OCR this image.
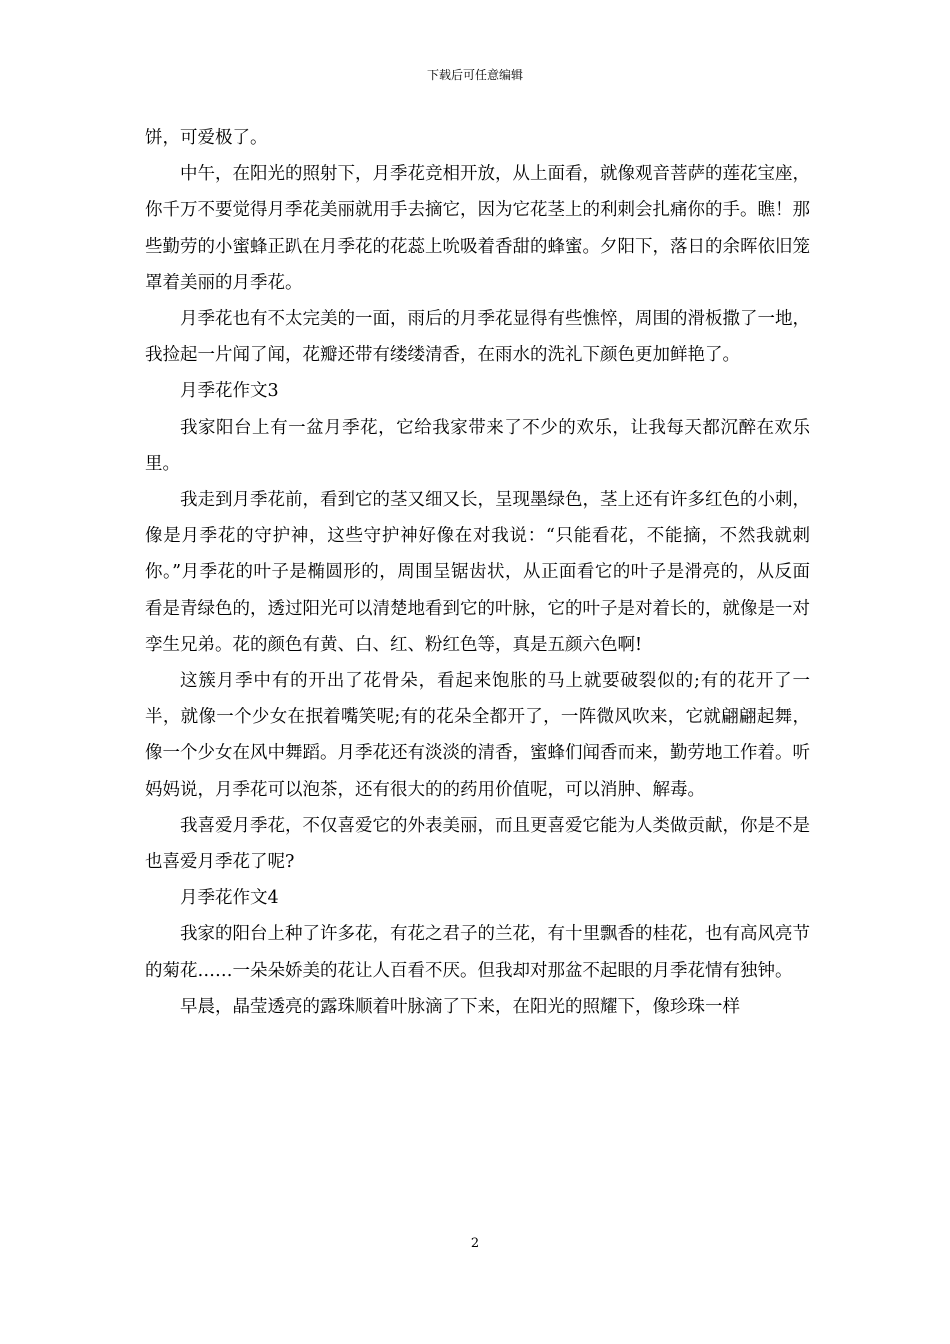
下载后可任意编辑

饼，可爱极了。

中午，在阳光的照射下，月季花竞相开放，从上面看，就像观音菩萨的莲花宝座，你千万不要觉得月季花美丽就用手去摘它，因为它花茎上的利刺会扎痛你的手。瞧！那些勤劳的小蜜蜂正趴在月季花的花蕊上吮吸着香甜的蜂蜜。夕阳下，落日的余晖依旧笼罩着美丽的月季花。

月季花也有不太完美的一面，雨后的月季花显得有些憔悴，周围的滑板撒了一地，我捡起一片闻了闻，花瓣还带有缕缕清香，在雨水的洗礼下颜色更加鲜艳了。

月季花作文3

我家阳台上有一盆月季花，它给我家带来了不少的欢乐，让我每天都沉醉在欢乐里。

我走到月季花前，看到它的茎又细又长，呈现墨绿色，茎上还有许多红色的小刺，像是月季花的守护神，这些守护神好像在对我说：“只能看花，不能摘，不然我就刺你。”月季花的叶子是椭圆形的，周围呈锯齿状，从正面看它的叶子是滑亮的，从反面看是青绿色的，透过阳光可以清楚地看到它的叶脉，它的叶子是对着长的，就像是一对孪生兄弟。花的颜色有黄、白、红、粉红色等，真是五颜六色啊!

这簇月季中有的开出了花骨朵，看起来饱胀的马上就要破裂似的;有的花开了一半，就像一个少女在抿着嘴笑呢;有的花朵全都开了，一阵微风吹来，它就翩翩起舞，像一个少女在风中舞蹈。月季花还有淡淡的清香，蜜蜂们闻香而来，勤劳地工作着。听妈妈说，月季花可以泡茶，还有很大的的药用价值呢，可以消肿、解毒。

我喜爱月季花，不仅喜爱它的外表美丽，而且更喜爱它能为人类做贡献，你是不是也喜爱月季花了呢?

月季花作文4

我家的阳台上种了许多花，有花之君子的兰花，有十里飘香的桂花，也有高风亮节的菊花……一朵朵娇美的花让人百看不厌。但我却对那盆不起眼的月季花情有独钟。

早晨，晶莹透亮的露珠顺着叶脉滴了下来，在阳光的照耀下，像珍珠一样

2
